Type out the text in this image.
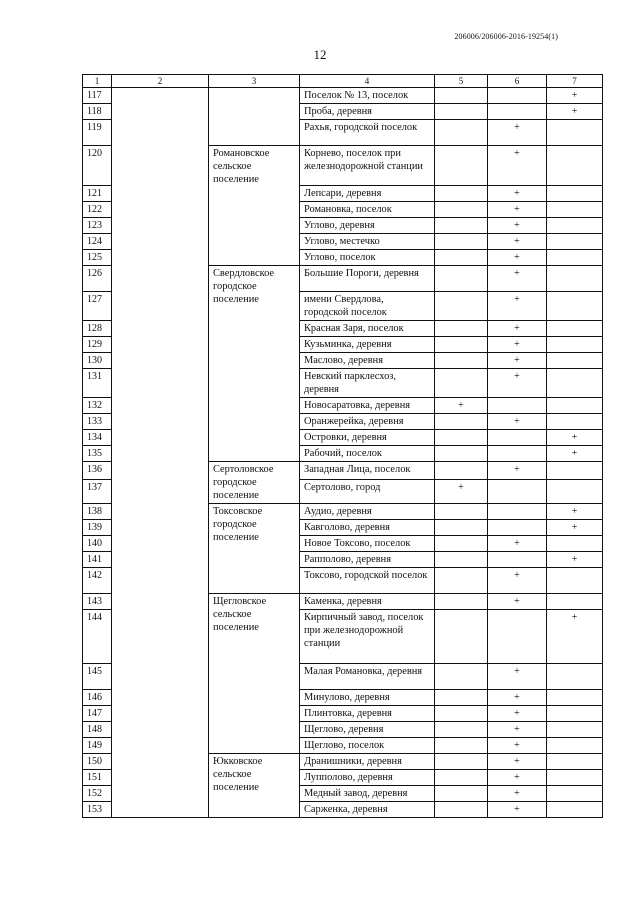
206006/206006-2016-19254(1)
12
1	2	3	4	5	6	7
117			Поселок № 13, поселок			+
118			Проба, деревня			+
119			Рахья, городской поселок		+	
120		Романовское сельское поселение	Корнево, поселок при железнодорожной станции		+	
121			Лепсари, деревня		+	
122			Романовка, поселок		+	
123			Углово, деревня		+	
124			Углово, местечко		+	
125			Углово, поселок		+	
126		Свердловское городское поселение	Большие Пороги, деревня		+	
127			имени Свердлова, городской поселок		+	
128			Красная Заря, поселок		+	
129			Кузьминка, деревня		+	
130			Маслово, деревня		+	
131			Невский парклесхоз, деревня		+	
132			Новосаратовка, деревня	+		
133			Оранжерейка, деревня		+	
134			Островки, деревня			+
135			Рабочий, поселок			+
136		Сертоловское городское поселение	Западная Лица, поселок		+	
137			Сертолово, город	+		
138		Токсовское городское поселение	Аудио, деревня			+
139			Кавголово, деревня			+
140			Новое Токсово, поселок		+	
141			Рапполово, деревня			+
142			Токсово, городской поселок		+	
143		Щегловское сельское поселение	Каменка, деревня		+	
144			Кирпичный завод, поселок при железнодорожной станции			+
145			Малая Романовка, деревня		+	
146			Минулово, деревня		+	
147			Плинтовка, деревня		+	
148			Щеглово, деревня		+	
149			Щеглово, поселок		+	
150		Юкковское сельское поселение	Дранишники, деревня		+	
151			Лупполово, деревня		+	
152			Медный завод, деревня		+	
153			Сарженка, деревня		+	
